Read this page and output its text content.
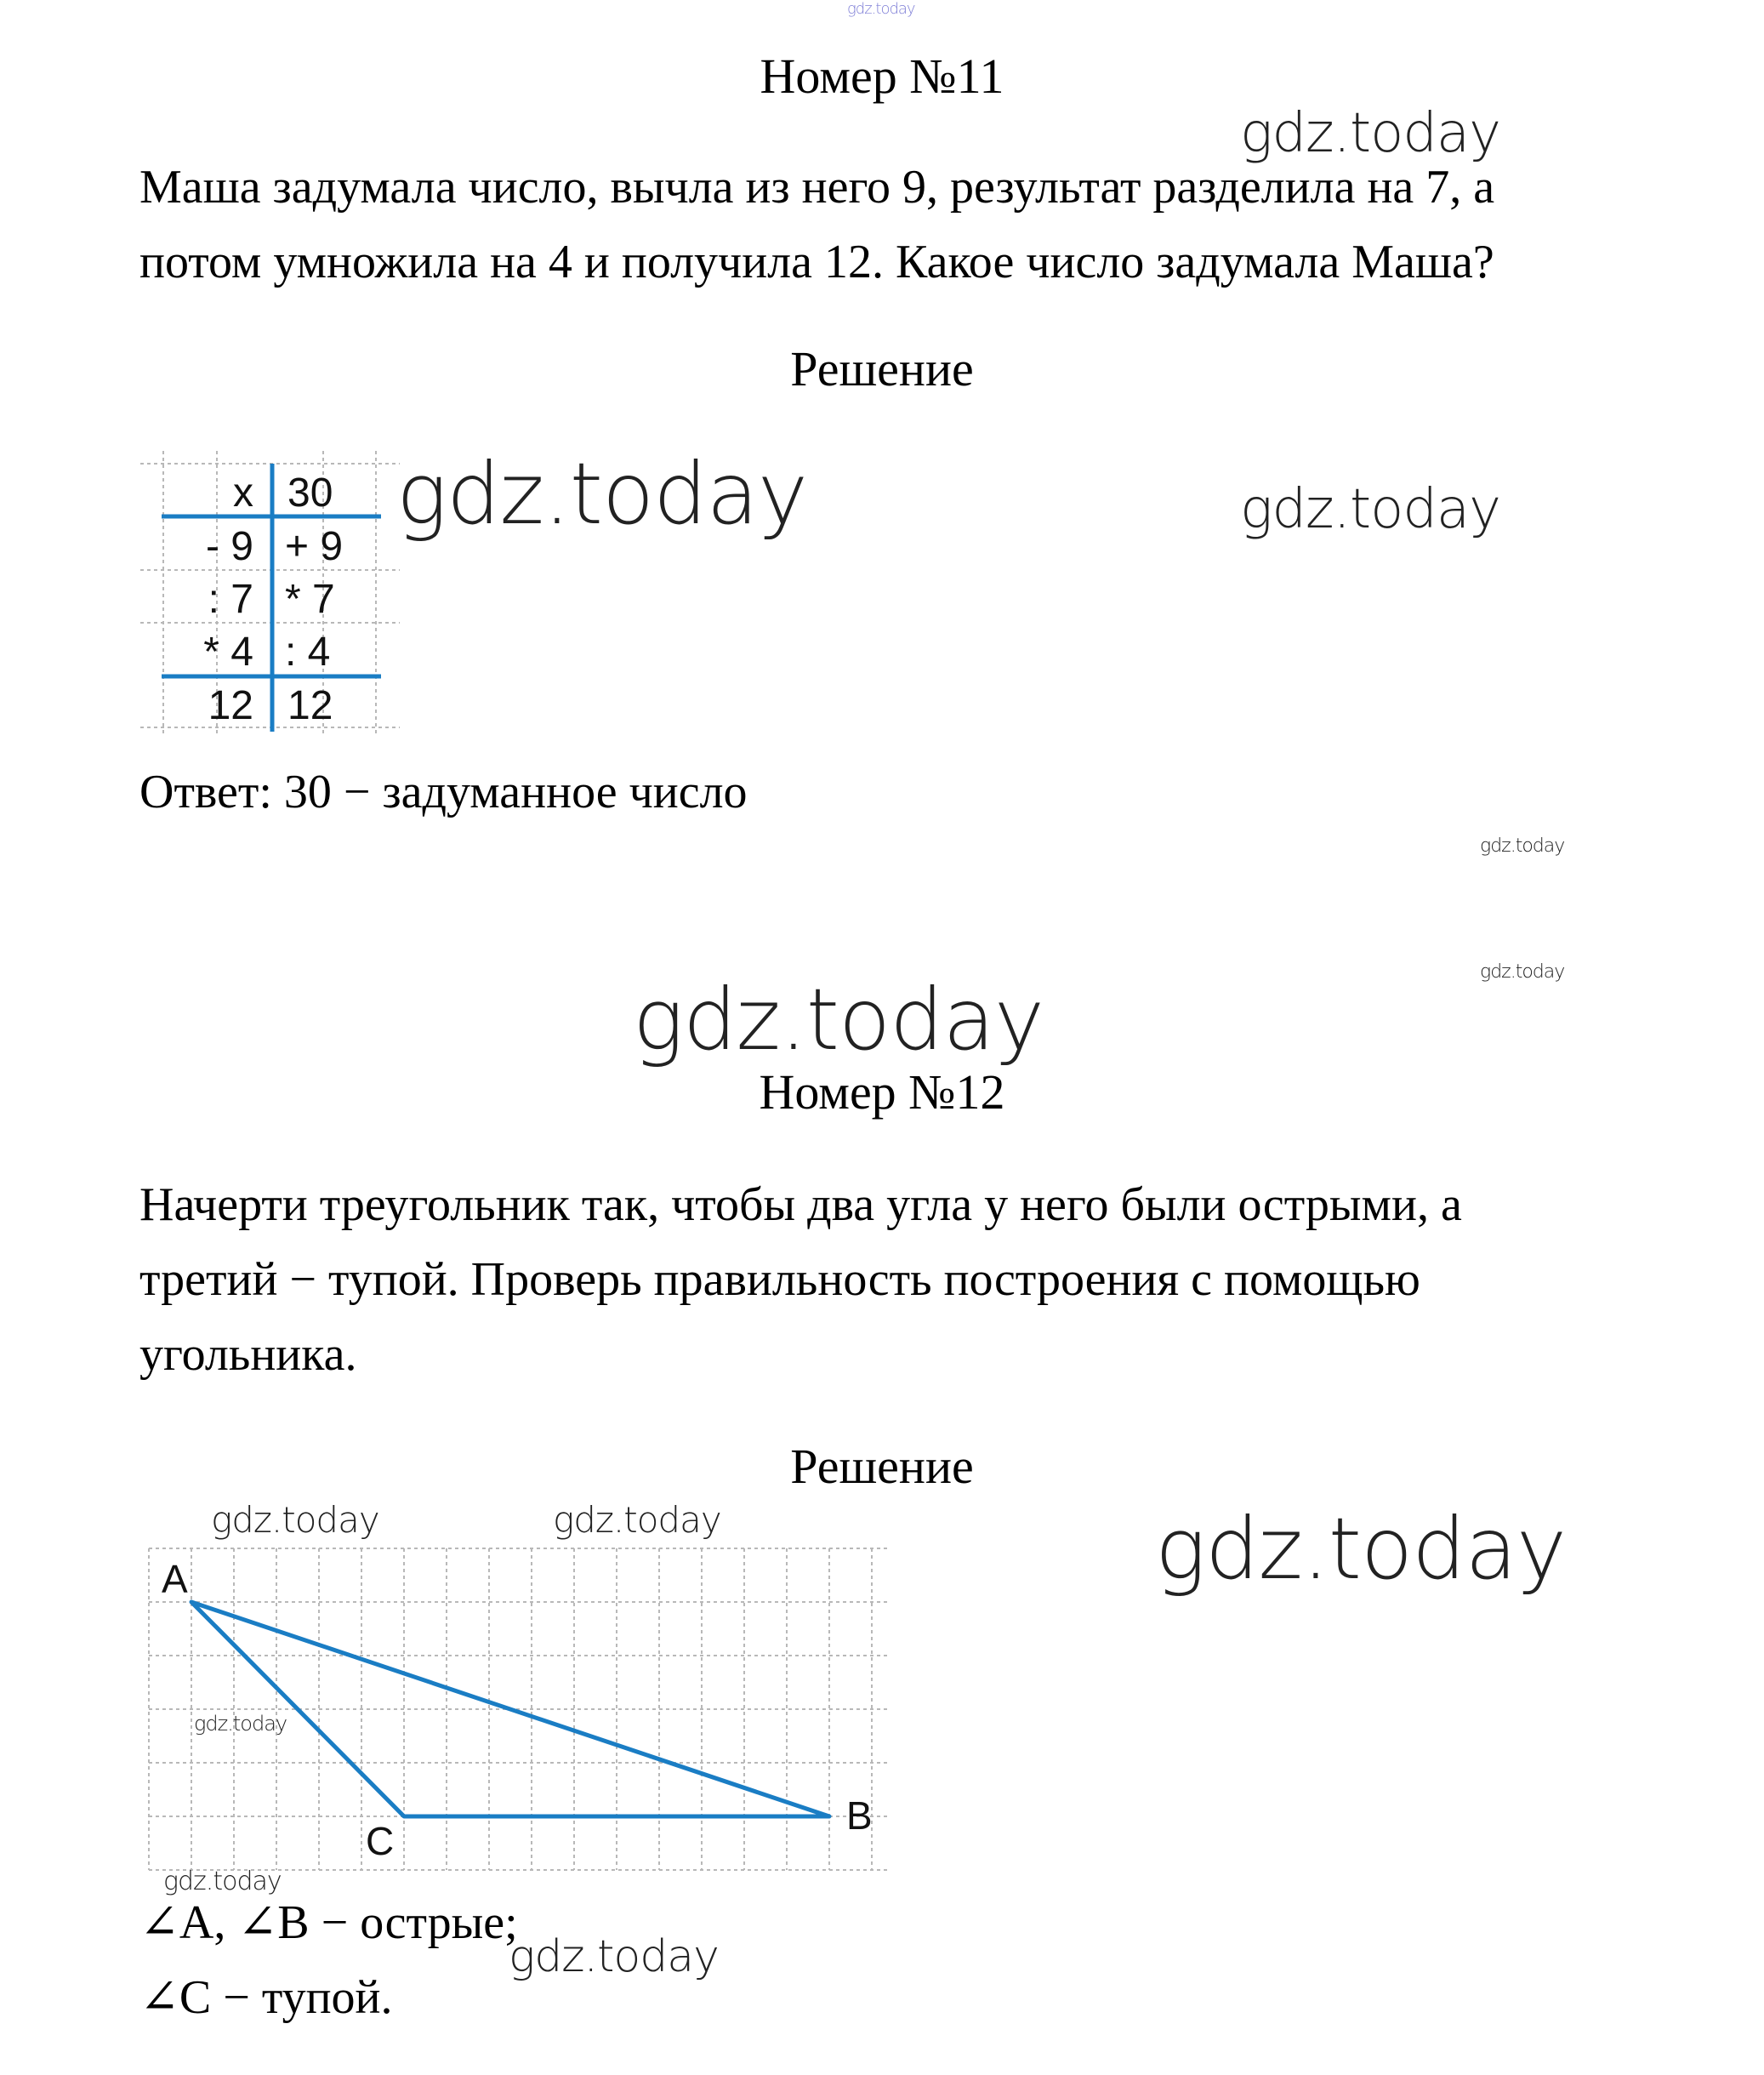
gdz.today
Номер №11
gdz.today
Маша задумала число, вычла из него 9, результат разделила на 7, а
потом умножила на 4 и получила 12. Какое число задумала Маша?
Решение
x 30
- 9 + 9
: 7 * 7
* 4 : 4
12 12
gdz.today	gdz.today
Ответ: 30 − задуманное число
gdz.today
gdz.today
gdz.today
Номер №12
Начерти треугольник так, чтобы два угла у него были острыми, а
третий − тупой. Проверь правильность построения с помощью
угольника.
Решение
gdz.today	gdz.today	gdz.today
A
B
C
gdz.today
gdz.today
∠A, ∠B − острые;
∠C − тупой.
gdz.today
